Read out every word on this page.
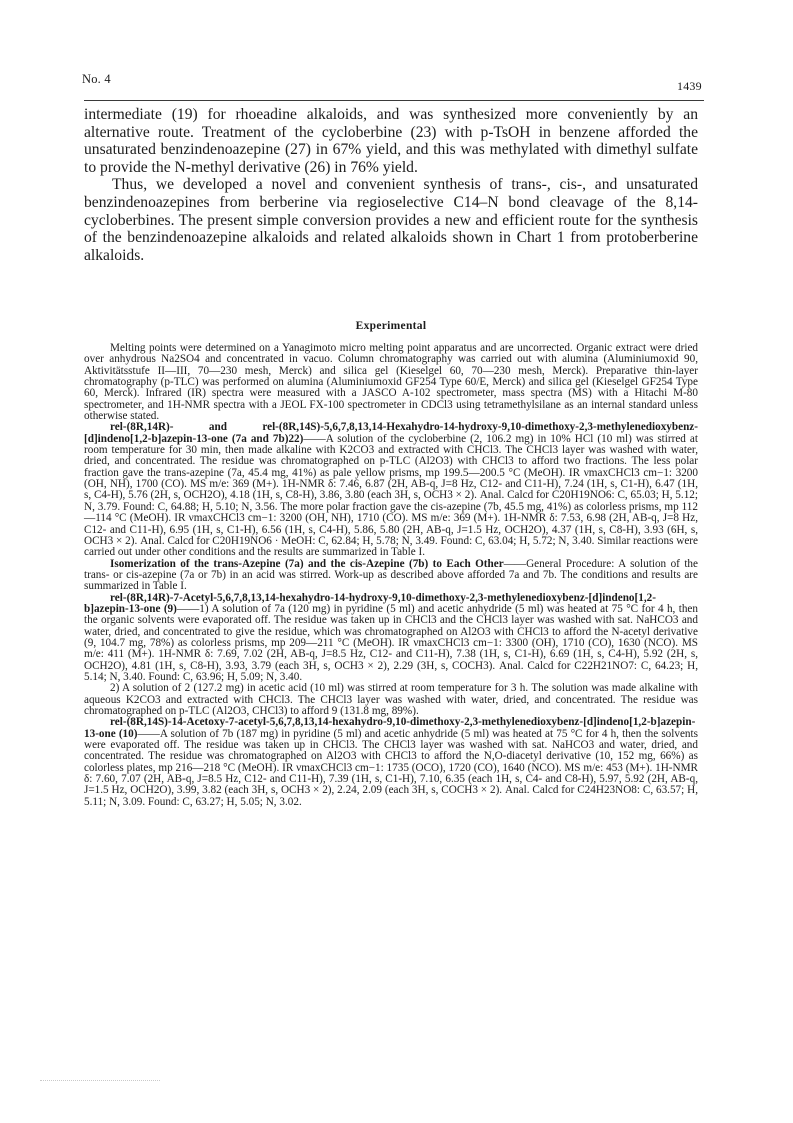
No. 4	1439

intermediate (19) for rhoeadine alkaloids, and was synthesized more conveniently by an alternative route. Treatment of the cycloberbine (23) with p-TsOH in benzene afforded the unsaturated benzindenoazepine (27) in 67% yield, and this was methylated with dimethyl sulfate to provide the N-methyl derivative (26) in 76% yield.

Thus, we developed a novel and convenient synthesis of trans-, cis-, and unsaturated benzindenoazepines from berberine via regioselective C14–N bond cleavage of the 8,14-cycloberbines. The present simple conversion provides a new and efficient route for the synthesis of the benzindenoazepine alkaloids and related alkaloids shown in Chart 1 from protoberberine alkaloids.

Experimental

Melting points were determined on a Yanagimoto micro melting point apparatus and are uncorrected. Organic extract were dried over anhydrous Na2SO4 and concentrated in vacuo. Column chromatography was carried out with alumina (Aluminiumoxid 90, Aktivitätsstufe II—III, 70—230 mesh, Merck) and silica gel (Kieselgel 60, 70—230 mesh, Merck). Preparative thin-layer chromatography (p-TLC) was performed on alumina (Aluminiumoxid GF254 Type 60/E, Merck) and silica gel (Kieselgel GF254 Type 60, Merck). Infrared (IR) spectra were measured with a JASCO A-102 spectrometer, mass spectra (MS) with a Hitachi M-80 spectrometer, and 1H-NMR spectra with a JEOL FX-100 spectrometer in CDCl3 using tetramethylsilane as an internal standard unless otherwise stated.

rel-(8R,14R)- and rel-(8R,14S)-5,6,7,8,13,14-Hexahydro-14-hydroxy-9,10-dimethoxy-2,3-methylenedioxybenz-[d]indeno[1,2-b]azepin-13-one (7a and 7b)22)——A solution of the cycloberbine (2, 106.2 mg) in 10% HCl (10 ml) was stirred at room temperature for 30 min, then made alkaline with K2CO3 and extracted with CHCl3. The CHCl3 layer was washed with water, dried, and concentrated. The residue was chromatographed on p-TLC (Al2O3) with CHCl3 to afford two fractions. The less polar fraction gave the trans-azepine (7a, 45.4 mg, 41%) as pale yellow prisms, mp 199.5—200.5 °C (MeOH). IR νmaxCHCl3 cm−1: 3200 (OH, NH), 1700 (CO). MS m/e: 369 (M+). 1H-NMR δ: 7.46, 6.87 (2H, AB-q, J=8 Hz, C12- and C11-H), 7.24 (1H, s, C1-H), 6.47 (1H, s, C4-H), 5.76 (2H, s, OCH2O), 4.18 (1H, s, C8-H), 3.86, 3.80 (each 3H, s, OCH3 × 2). Anal. Calcd for C20H19NO6: C, 65.03; H, 5.12; N, 3.79. Found: C, 64.88; H, 5.10; N, 3.56. The more polar fraction gave the cis-azepine (7b, 45.5 mg, 41%) as colorless prisms, mp 112—114 °C (MeOH). IR νmaxCHCl3 cm−1: 3200 (OH, NH), 1710 (CO). MS m/e: 369 (M+). 1H-NMR δ: 7.53, 6.98 (2H, AB-q, J=8 Hz, C12- and C11-H), 6.95 (1H, s, C1-H), 6.56 (1H, s, C4-H), 5.86, 5.80 (2H, AB-q, J=1.5 Hz, OCH2O), 4.37 (1H, s, C8-H), 3.93 (6H, s, OCH3 × 2). Anal. Calcd for C20H19NO6 · MeOH: C, 62.84; H, 5.78; N, 3.49. Found: C, 63.04; H, 5.72; N, 3.40. Similar reactions were carried out under other conditions and the results are summarized in Table I.

Isomerization of the trans-Azepine (7a) and the cis-Azepine (7b) to Each Other——General Procedure: A solution of the trans- or cis-azepine (7a or 7b) in an acid was stirred. Work-up as described above afforded 7a and 7b. The conditions and results are summarized in Table I.

rel-(8R,14R)-7-Acetyl-5,6,7,8,13,14-hexahydro-14-hydroxy-9,10-dimethoxy-2,3-methylenedioxybenz-[d]indeno[1,2-b]azepin-13-one (9)——1) A solution of 7a (120 mg) in pyridine (5 ml) and acetic anhydride (5 ml) was heated at 75 °C for 4 h, then the organic solvents were evaporated off. The residue was taken up in CHCl3 and the CHCl3 layer was washed with sat. NaHCO3 and water, dried, and concentrated to give the residue, which was chromatographed on Al2O3 with CHCl3 to afford the N-acetyl derivative (9, 104.7 mg, 78%) as colorless prisms, mp 209—211 °C (MeOH). IR νmaxCHCl3 cm−1: 3300 (OH), 1710 (CO), 1630 (NCO). MS m/e: 411 (M+). 1H-NMR δ: 7.69, 7.02 (2H, AB-q, J=8.5 Hz, C12- and C11-H), 7.38 (1H, s, C1-H), 6.69 (1H, s, C4-H), 5.92 (2H, s, OCH2O), 4.81 (1H, s, C8-H), 3.93, 3.79 (each 3H, s, OCH3 × 2), 2.29 (3H, s, COCH3). Anal. Calcd for C22H21NO7: C, 64.23; H, 5.14; N, 3.40. Found: C, 63.96; H, 5.09; N, 3.40.

2) A solution of 2 (127.2 mg) in acetic acid (10 ml) was stirred at room temperature for 3 h. The solution was made alkaline with aqueous K2CO3 and extracted with CHCl3. The CHCl3 layer was washed with water, dried, and concentrated. The residue was chromatographed on p-TLC (Al2O3, CHCl3) to afford 9 (131.8 mg, 89%).

rel-(8R,14S)-14-Acetoxy-7-acetyl-5,6,7,8,13,14-hexahydro-9,10-dimethoxy-2,3-methylenedioxybenz-[d]indeno[1,2-b]azepin-13-one (10)——A solution of 7b (187 mg) in pyridine (5 ml) and acetic anhydride (5 ml) was heated at 75 °C for 4 h, then the solvents were evaporated off. The residue was taken up in CHCl3. The CHCl3 layer was washed with sat. NaHCO3 and water, dried, and concentrated. The residue was chromatographed on Al2O3 with CHCl3 to afford the N,O-diacetyl derivative (10, 152 mg, 66%) as colorless plates, mp 216—218 °C (MeOH). IR νmaxCHCl3 cm−1: 1735 (OCO), 1720 (CO), 1640 (NCO). MS m/e: 453 (M+). 1H-NMR δ: 7.60, 7.07 (2H, AB-q, J=8.5 Hz, C12- and C11-H), 7.39 (1H, s, C1-H), 7.10, 6.35 (each 1H, s, C4- and C8-H), 5.97, 5.92 (2H, AB-q, J=1.5 Hz, OCH2O), 3.99, 3.82 (each 3H, s, OCH3 × 2), 2.24, 2.09 (each 3H, s, COCH3 × 2). Anal. Calcd for C24H23NO8: C, 63.57; H, 5.11; N, 3.09. Found: C, 63.27; H, 5.05; N, 3.02.
